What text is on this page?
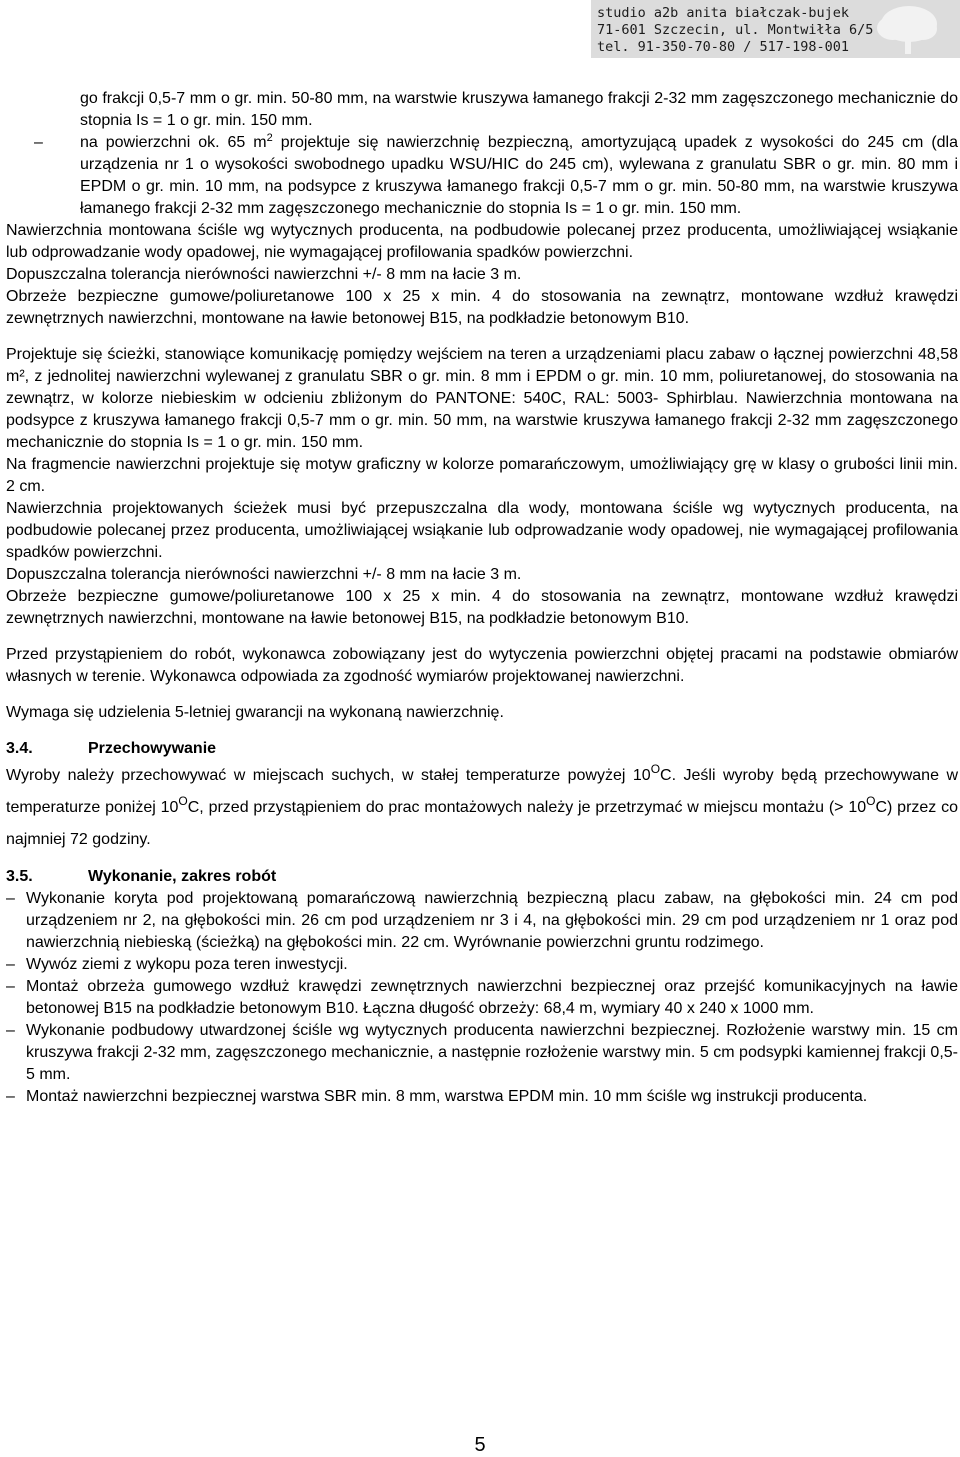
studio a2b anita białczak-bujek
71-601 Szczecin, ul. Montwiłła 6/5
tel. 91-350-70-80 / 517-198-001

go frakcji 0,5-7 mm o gr. min. 50-80 mm, na warstwie kruszywa łamanego frakcji 2-32 mm zagęszczonego mechanicznie do stopnia Is = 1 o gr. min. 150 mm.

– na powierzchni ok. 65 $m^2$ projektuje się nawierzchnię bezpieczną, amortyzującą upadek z wysokości do 245 cm (dla urządzenia nr 1 o wysokości swobodnego upadku WSU/HIC do 245 cm), wylewana z granulatu SBR o gr. min. 80 mm i EPDM o gr. min. 10 mm, na podsypce z kruszywa łamanego frakcji 0,5-7 mm o gr. min. 50-80 mm, na warstwie kruszywa łamanego frakcji 2-32 mm zagęszczonego mechanicznie do stopnia Is = 1 o gr. min. 150 mm.

Nawierzchnia montowana ściśle wg wytycznych producenta, na podbudowie polecanej przez producenta, umożliwiającej wsiąkanie lub odprowadzanie wody opadowej, nie wymagającej profilowania spadków powierzchni.

Dopuszczalna tolerancja nierówności nawierzchni +/- 8 mm na łacie 3 m.

Obrzeże bezpieczne gumowe/poliuretanowe 100 x 25 x min. 4 do stosowania na zewnątrz, montowane wzdłuż krawędzi zewnętrznych nawierzchni, montowane na ławie betonowej B15, na podkładzie betonowym B10.

Projektuje się ścieżki, stanowiące komunikację pomiędzy wejściem na teren a urządzeniami placu zabaw o łącznej powierzchni 48,58 m², z jednolitej nawierzchni wylewanej z granulatu SBR o gr. min. 8 mm i EPDM o gr. min. 10 mm, poliuretanowej, do stosowania na zewnątrz, w kolorze niebieskim w odcieniu zbliżonym do PANTONE: 540C, RAL: 5003- Sphirblau. Nawierzchnia montowana na podsypce z kruszywa łamanego frakcji 0,5-7 mm o gr. min. 50 mm, na warstwie kruszywa łamanego frakcji 2-32 mm zagęszczonego mechanicznie do stopnia Is = 1 o gr. min. 150 mm.

Na fragmencie nawierzchni projektuje się motyw graficzny w kolorze pomarańczowym, umożliwiający grę w klasy o grubości linii min. 2 cm.

Nawierzchnia projektowanych ścieżek musi być przepuszczalna dla wody, montowana ściśle wg wytycznych producenta, na podbudowie polecanej przez producenta, umożliwiającej wsiąkanie lub odprowadzanie wody opadowej, nie wymagającej profilowania spadków powierzchni.

Dopuszczalna tolerancja nierówności nawierzchni +/- 8 mm na łacie 3 m.

Obrzeże bezpieczne gumowe/poliuretanowe 100 x 25 x min. 4 do stosowania na zewnątrz, montowane wzdłuż krawędzi zewnętrznych nawierzchni, montowane na ławie betonowej B15, na podkładzie betonowym B10.

Przed przystąpieniem do robót, wykonawca zobowiązany jest do wytyczenia powierzchni objętej pracami na podstawie obmiarów własnych w terenie. Wykonawca odpowiada za zgodność wymiarów projektowanej nawierzchni.

Wymaga się udzielenia 5-letniej gwarancji na wykonaną nawierzchnię.

3.4.	Przechowywanie

Wyroby należy przechowywać w miejscach suchych, w stałej temperaturze powyżej $10^OC$. Jeśli wyroby będą przechowywane w temperaturze poniżej $10^OC$, przed przystąpieniem do prac montażowych należy je przetrzymać w miejscu montażu (> $10^OC$) przez co najmniej 72 godziny.

3.5.	Wykonanie, zakres robót

– Wykonanie koryta pod projektowaną pomarańczową nawierzchnią bezpieczną placu zabaw, na głębokości min. 24 cm pod urządzeniem nr 2, na głębokości min. 26 cm pod urządzeniem nr 3 i 4, na głębokości min. 29 cm pod urządzeniem nr 1 oraz pod nawierzchnią niebieską (ścieżką) na głębokości min. 22 cm. Wyrównanie powierzchni gruntu rodzimego.
– Wywóz ziemi z wykopu poza teren inwestycji.
– Montaż obrzeża gumowego wzdłuż krawędzi zewnętrznych nawierzchni bezpiecznej oraz przejść komunikacyjnych na ławie betonowej B15 na podkładzie betonowym B10. Łączna długość obrzeży: 68,4 m, wymiary 40 x 240 x 1000 mm.
– Wykonanie podbudowy utwardzonej ściśle wg wytycznych producenta nawierzchni bezpiecznej. Rozłożenie warstwy min. 15 cm kruszywa frakcji 2-32 mm, zagęszczonego mechanicznie, a następnie rozłożenie warstwy min. 5 cm podsypki kamiennej frakcji 0,5-5 mm.
– Montaż nawierzchni bezpiecznej warstwa SBR min. 8 mm, warstwa EPDM min. 10 mm ściśle wg instrukcji producenta.
5
